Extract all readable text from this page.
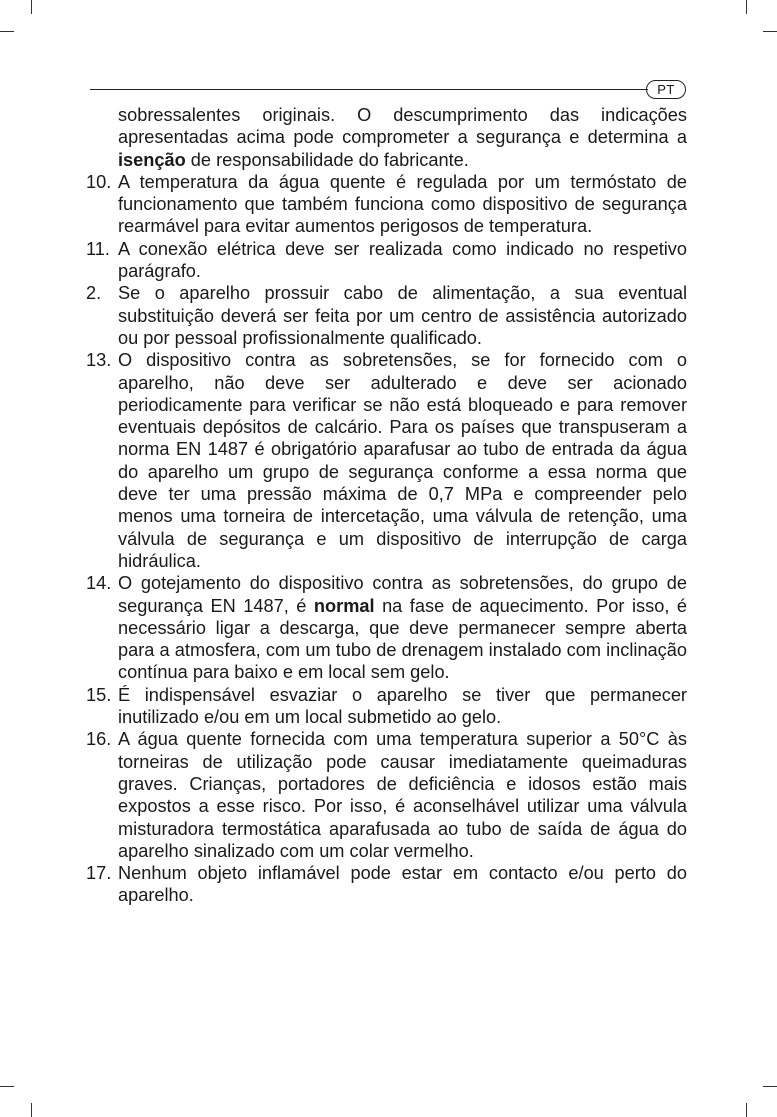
PT
sobressalentes originais. O descumprimento das indicações apresentadas acima pode comprometer a segurança e determina a isenção de responsabilidade do fabricante.
10. A temperatura da água quente é regulada por um termóstato de funcionamento que também funciona como dispositivo de segurança rearmável para evitar aumentos perigosos de temperatura.
11. A conexão elétrica deve ser realizada como indicado no respetivo parágrafo.
2. Se o aparelho prossuir cabo de alimentação, a sua eventual substituição deverá ser feita por um centro de assistência autorizado ou por pessoal profissionalmente qualificado.
13. O dispositivo contra as sobretensões, se for fornecido com o aparelho, não deve ser adulterado e deve ser acionado periodicamente para verificar se não está bloqueado e para remover eventuais depósitos de calcário. Para os países que transpuseram a norma EN 1487 é obrigatório aparafusar ao tubo de entrada da água do aparelho um grupo de segurança conforme a essa norma que deve ter uma pressão máxima de 0,7 MPa e compreender pelo menos uma torneira de intercetação, uma válvula de retenção, uma válvula de segurança e um dispositivo de interrupção de carga hidráulica.
14. O gotejamento do dispositivo contra as sobretensões, do grupo de segurança EN 1487, é normal na fase de aquecimento. Por isso, é necessário ligar a descarga, que deve permanecer sempre aberta para a atmosfera, com um tubo de drenagem instalado com inclinação contínua para baixo e em local sem gelo.
15. É indispensável esvaziar o aparelho se tiver que permanecer inutilizado e/ou em um local submetido ao gelo.
16. A água quente fornecida com uma temperatura superior a 50°C às torneiras de utilização pode causar imediatamente queimaduras graves. Crianças, portadores de deficiência e idosos estão mais expostos a esse risco. Por isso, é aconselhável utilizar uma válvula misturadora termostática aparafusada ao tubo de saída de água do aparelho sinalizado com um colar vermelho.
17. Nenhum objeto inflamável pode estar em contacto e/ou perto do aparelho.
